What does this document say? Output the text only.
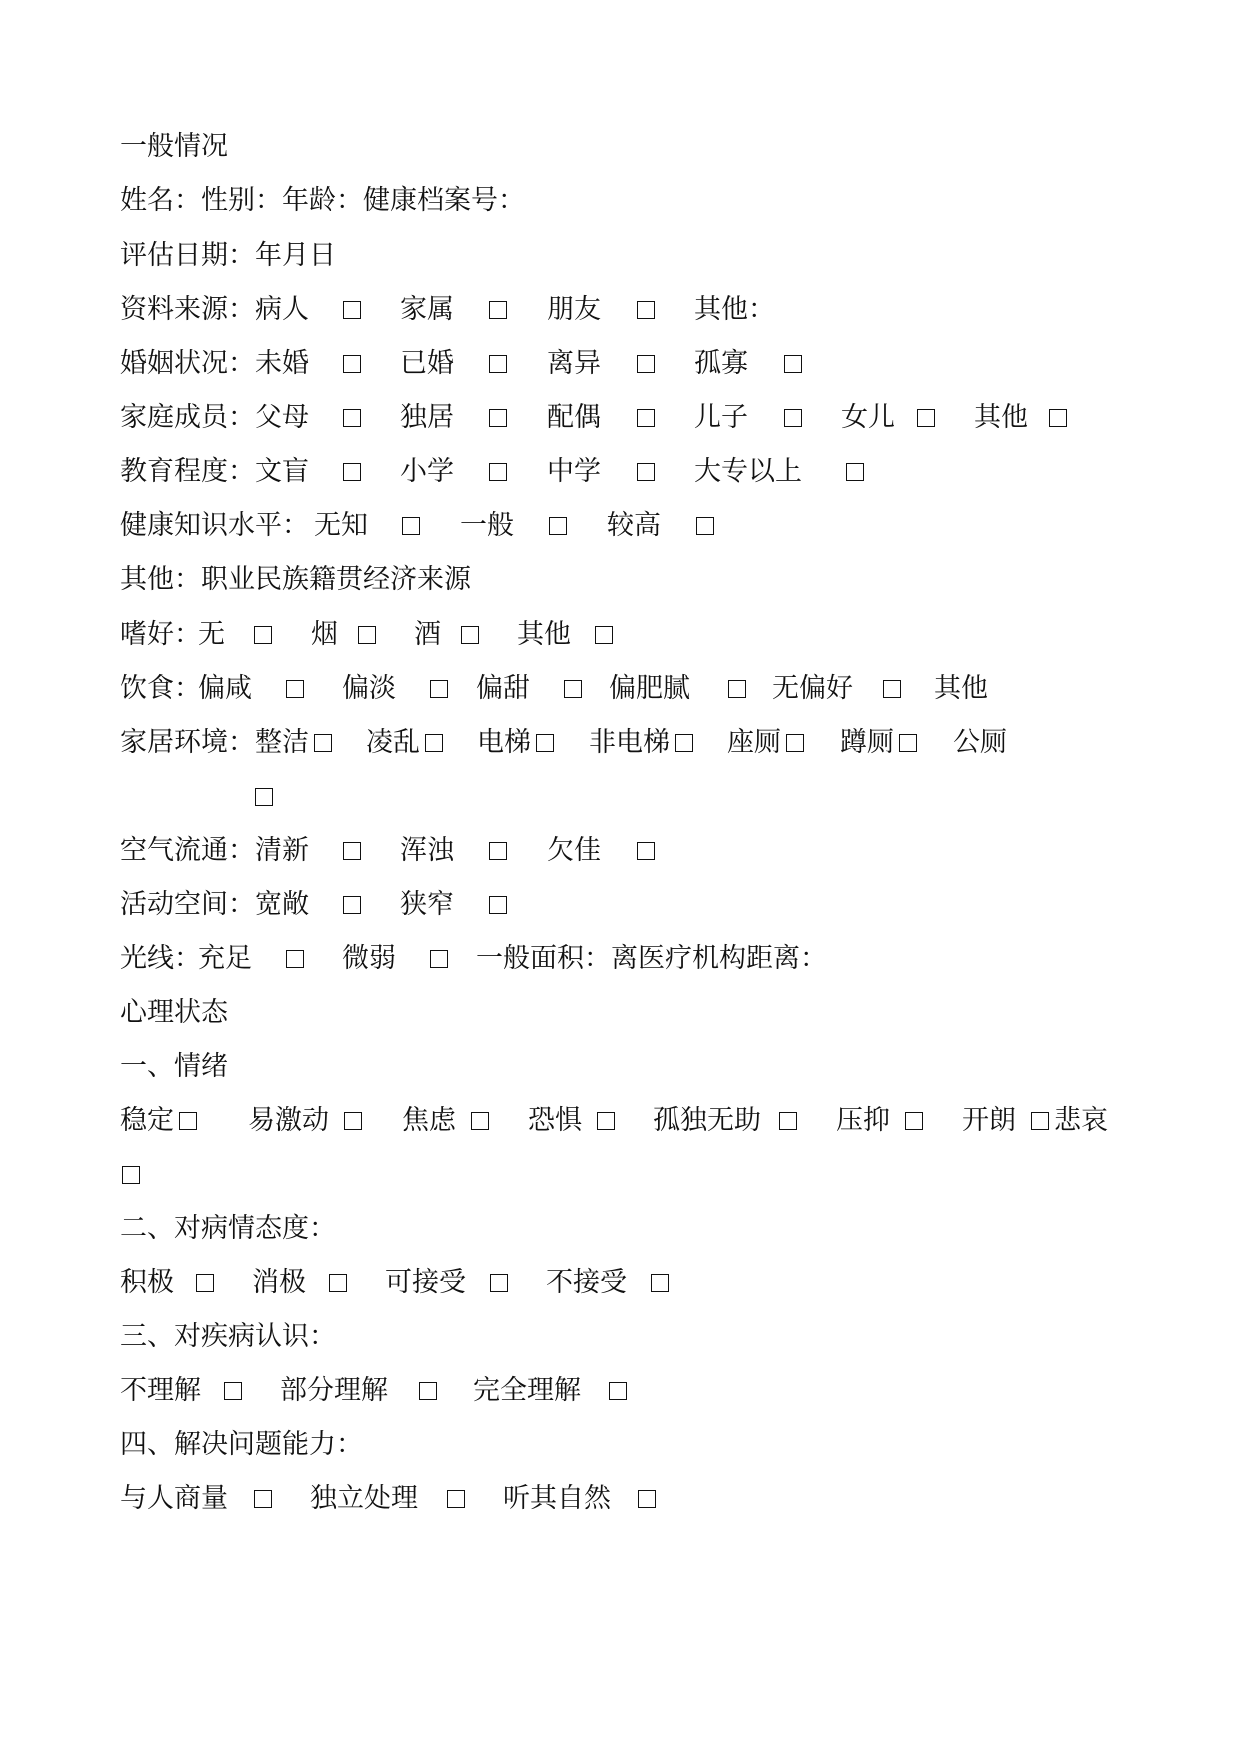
一般情况
姓名：性别：年龄：健康档案号：
评估日期：年月日
资料来源： 病人	家属	朋友	其他：
婚姻状况： 未婚	已婚	离异	孤寡
家庭成员： 父母	独居	配偶	儿子	女儿	其他
教育程度： 文盲	小学	中学	大专以上
健康知识水平： 无知	一般	较高
其他：职业民族籍贯经济来源
嗜好：
无	烟	酒	其他
饮食：
偏咸	偏淡	偏甜	偏肥腻	无偏好	其他
家居环境： 整洁 凌乱 电梯 非电梯 座厕 蹲厕 公厕
空气流通： 清新	浑浊	欠佳
活动空间： 宽敞	狭窄
光线：
充足	微弱	一般面积：离医疗机构距离：
心理状态
一、情绪
稳定	易激动	焦虑	恐惧	孤独无助	压抑	开朗 悲哀
二、对病情态度：
积极	消极	可接受	不接受
三、对疾病认识：
不理解	部分理解	完全理解
四、解决问题能力：
与人商量	独立处理	听其自然
